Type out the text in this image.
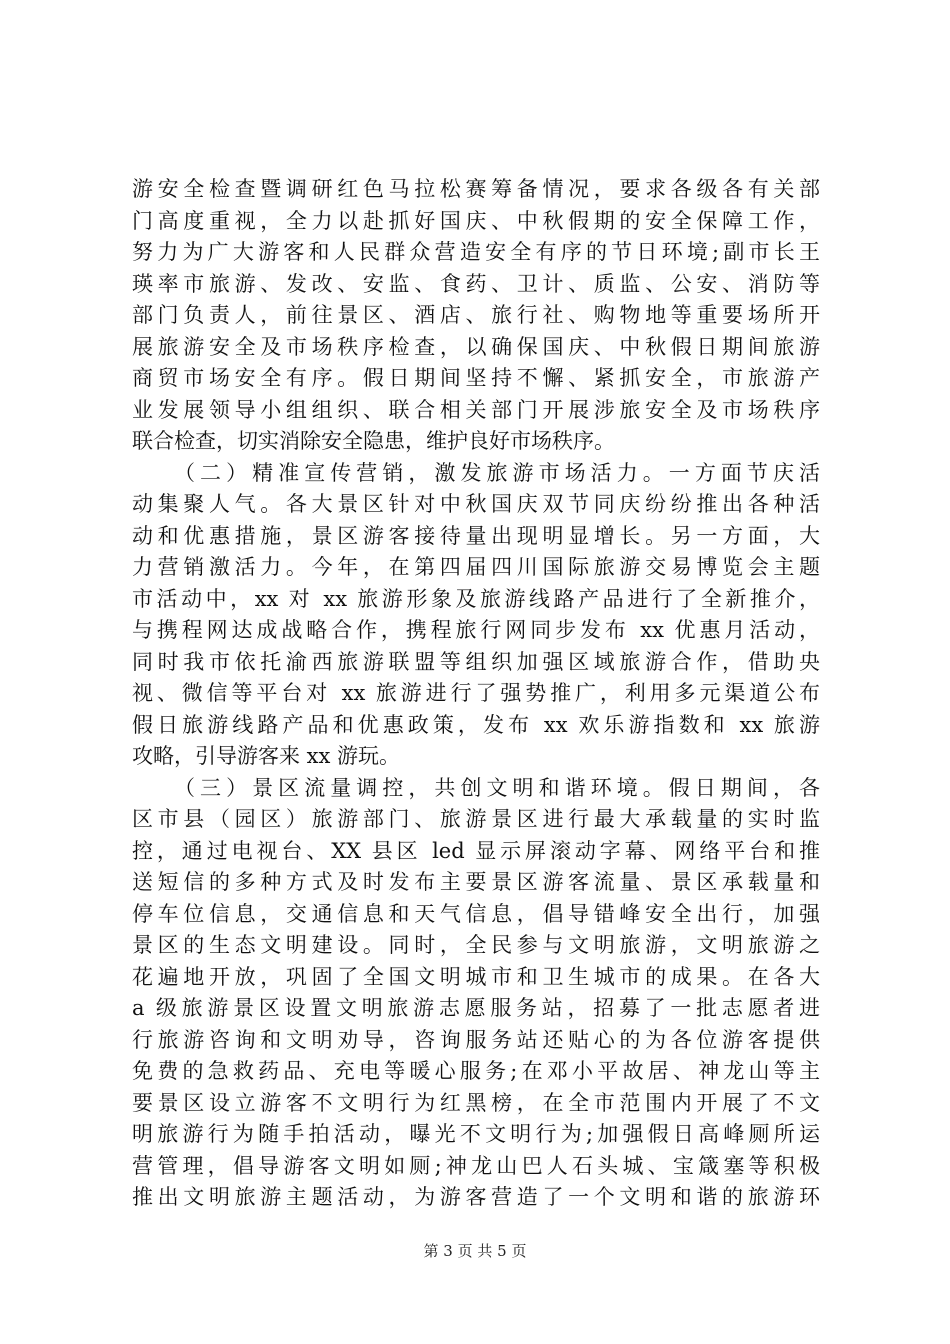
游安全检查暨调研红色马拉松赛筹备情况，要求各级各有关部
门高度重视，全力以赴抓好国庆、中秋假期的安全保障工作，
努力为广大游客和人民群众营造安全有序的节日环境;副市长王
瑛率市旅游、发改、安监、食药、卫计、质监、公安、消防等
部门负责人，前往景区、酒店、旅行社、购物地等重要场所开
展旅游安全及市场秩序检查，以确保国庆、中秋假日期间旅游
商贸市场安全有序。假日期间坚持不懈、紧抓安全，市旅游产
业发展领导小组组织、联合相关部门开展涉旅安全及市场秩序
联合检查，切实消除安全隐患，维护良好市场秩序。
（二）精准宣传营销，激发旅游市场活力。一方面节庆活
动集聚人气。各大景区针对中秋国庆双节同庆纷纷推出各种活
动和优惠措施，景区游客接待量出现明显增长。另一方面，大
力营销激活力。今年，在第四届四川国际旅游交易博览会主题
市活动中，xx 对 xx 旅游形象及旅游线路产品进行了全新推介，
与携程网达成战略合作，携程旅行网同步发布 xx 优惠月活动，
同时我市依托渝西旅游联盟等组织加强区域旅游合作，借助央
视、微信等平台对 xx 旅游进行了强势推广，利用多元渠道公布
假日旅游线路产品和优惠政策，发布 xx 欢乐游指数和 xx 旅游
攻略，引导游客来 xx 游玩。
（三）景区流量调控，共创文明和谐环境。假日期间，各
区市县（园区）旅游部门、旅游景区进行最大承载量的实时监
控，通过电视台、XX 县区 led 显示屏滚动字幕、网络平台和推
送短信的多种方式及时发布主要景区游客流量、景区承载量和
停车位信息，交通信息和天气信息，倡导错峰安全出行，加强
景区的生态文明建设。同时，全民参与文明旅游，文明旅游之
花遍地开放，巩固了全国文明城市和卫生城市的成果。在各大
a 级旅游景区设置文明旅游志愿服务站，招募了一批志愿者进
行旅游咨询和文明劝导，咨询服务站还贴心的为各位游客提供
免费的急救药品、充电等暖心服务;在邓小平故居、神龙山等主
要景区设立游客不文明行为红黑榜，在全市范围内开展了不文
明旅游行为随手拍活动，曝光不文明行为;加强假日高峰厕所运
营管理，倡导游客文明如厕;神龙山巴人石头城、宝箴塞等积极
推出文明旅游主题活动，为游客营造了一个文明和谐的旅游环
第 3 页 共 5 页
